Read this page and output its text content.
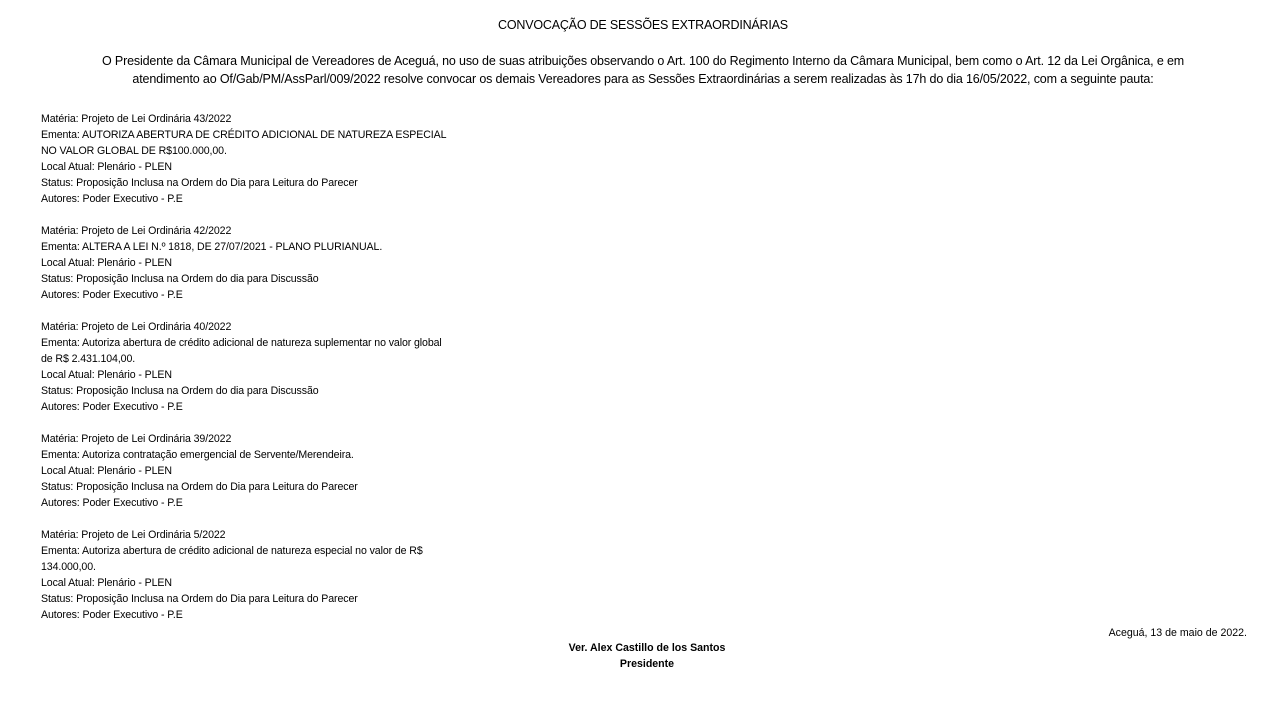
CONVOCAÇÃO DE SESSÕES EXTRAORDINÁRIAS
O Presidente da Câmara Municipal de Vereadores de Aceguá, no uso de suas atribuições observando o Art. 100 do Regimento Interno da Câmara Municipal, bem como o Art. 12 da Lei Orgânica, e em
atendimento ao Of/Gab/PM/AssParl/009/2022 resolve convocar os demais Vereadores para as Sessões Extraordinárias a serem realizadas às 17h do dia 16/05/2022, com a seguinte pauta:
Matéria: Projeto de Lei Ordinária 43/2022
Ementa: AUTORIZA ABERTURA DE CRÉDITO ADICIONAL DE NATUREZA ESPECIAL
NO VALOR GLOBAL DE R$100.000,00.
Local Atual: Plenário - PLEN
Status: Proposição Inclusa na Ordem do Dia para Leitura do Parecer
Autores: Poder Executivo - P.E
Matéria: Projeto de Lei Ordinária 42/2022
Ementa: ALTERA A LEI N.º 1818, DE 27/07/2021 - PLANO PLURIANUAL.
Local Atual: Plenário - PLEN
Status: Proposição Inclusa na Ordem do dia para Discussão
Autores: Poder Executivo - P.E
Matéria: Projeto de Lei Ordinária 40/2022
Ementa: Autoriza abertura de crédito adicional de natureza suplementar no valor global
de R$ 2.431.104,00.
Local Atual: Plenário - PLEN
Status: Proposição Inclusa na Ordem do dia para Discussão
Autores: Poder Executivo - P.E
Matéria: Projeto de Lei Ordinária 39/2022
Ementa: Autoriza contratação emergencial de Servente/Merendeira.
Local Atual: Plenário - PLEN
Status: Proposição Inclusa na Ordem do Dia para Leitura do Parecer
Autores: Poder Executivo - P.E
Matéria: Projeto de Lei Ordinária 5/2022
Ementa: Autoriza abertura de crédito adicional de natureza especial no valor de R$
134.000,00.
Local Atual: Plenário - PLEN
Status: Proposição Inclusa na Ordem do Dia para Leitura do Parecer
Autores: Poder Executivo - P.E
Aceguá, 13 de maio de 2022.
Ver. Alex Castillo de los Santos
Presidente
